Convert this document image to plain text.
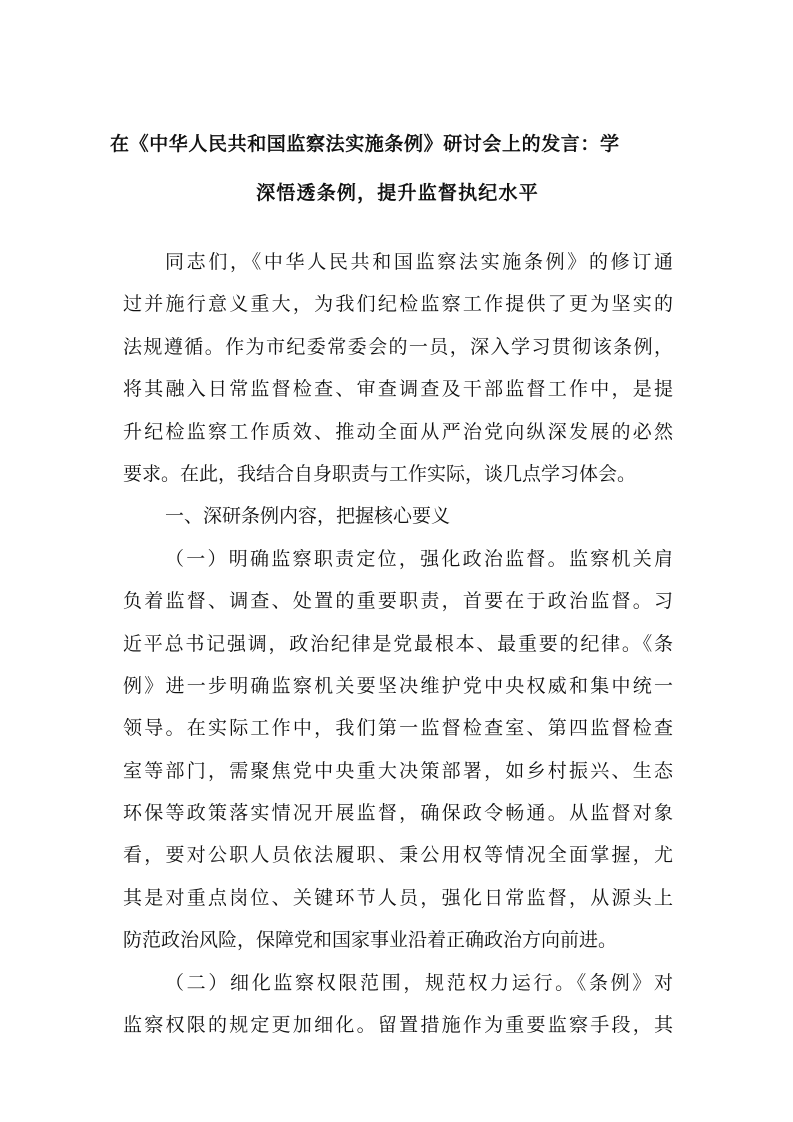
在《中华人民共和国监察法实施条例》研讨会上的发言：学
深悟透条例，提升监督执纪水平
同志们，《中华人民共和国监察法实施条例》的修订通
过并施行意义重大，为我们纪检监察工作提供了更为坚实的
法规遵循。作为市纪委常委会的一员，深入学习贯彻该条例，
将其融入日常监督检查、审查调查及干部监督工作中，是提
升纪检监察工作质效、推动全面从严治党向纵深发展的必然
要求。在此，我结合自身职责与工作实际，谈几点学习体会。
一、深研条例内容，把握核心要义
（一）明确监察职责定位，强化政治监督。监察机关肩
负着监督、调查、处置的重要职责，首要在于政治监督。习
近平总书记强调，政治纪律是党最根本、最重要的纪律。《条
例》进一步明确监察机关要坚决维护党中央权威和集中统一
领导。在实际工作中，我们第一监督检查室、第四监督检查
室等部门，需聚焦党中央重大决策部署，如乡村振兴、生态
环保等政策落实情况开展监督，确保政令畅通。从监督对象
看，要对公职人员依法履职、秉公用权等情况全面掌握，尤
其是对重点岗位、关键环节人员，强化日常监督，从源头上
防范政治风险，保障党和国家事业沿着正确政治方向前进。
（二）细化监察权限范围，规范权力运行。《条例》对
监察权限的规定更加细化。留置措施作为重要监察手段，其
